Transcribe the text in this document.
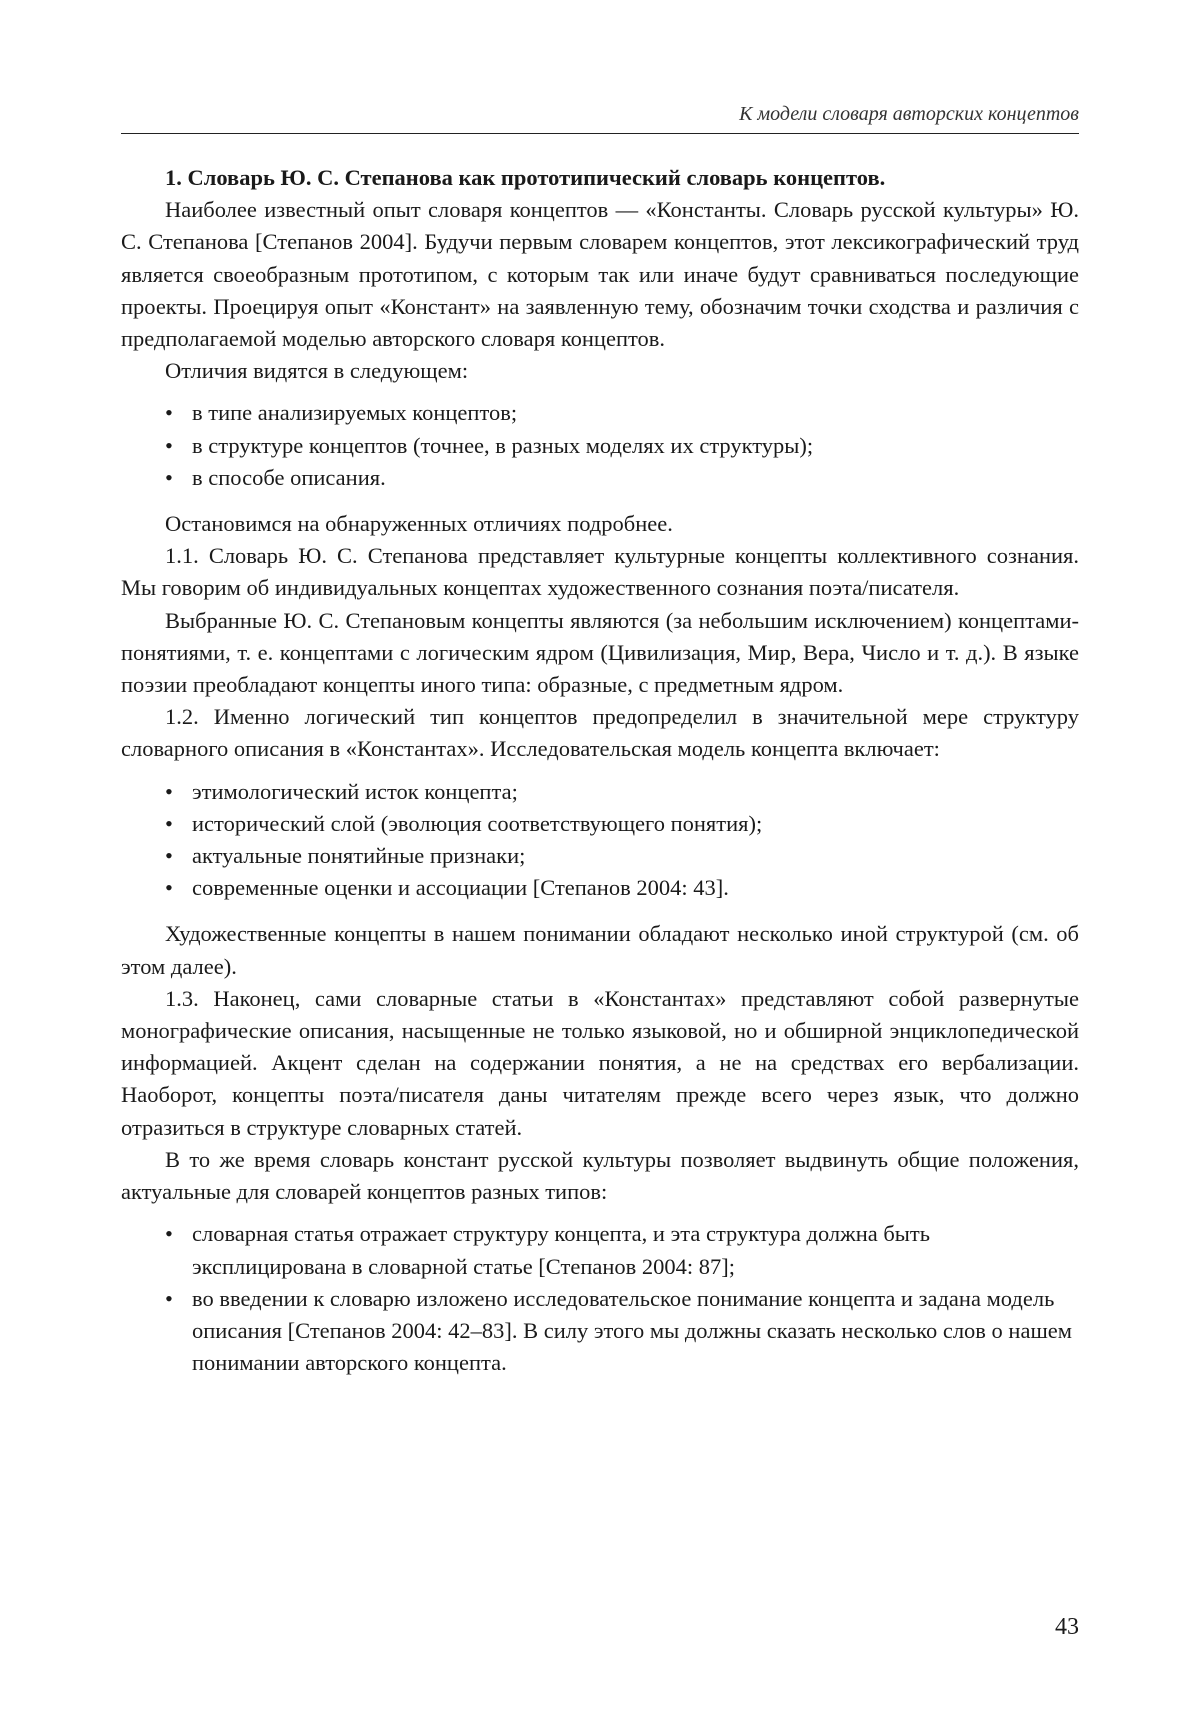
К модели словаря авторских концептов
1. Словарь Ю. С. Степанова как прототипический словарь концептов.

Наиболее известный опыт словаря концептов — «Константы. Словарь русской культуры» Ю. С. Степанова [Степанов 2004]. Будучи первым словарем концептов, этот лексикографический труд является своеобразным прототипом, с которым так или иначе будут сравниваться последующие проекты. Проецируя опыт «Констант» на заявленную тему, обозначим точки сходства и различия с предполагаемой моделью авторского словаря концептов.

Отличия видятся в следующем:

• в типе анализируемых концептов;
• в структуре концептов (точнее, в разных моделях их структуры);
• в способе описания.

Остановимся на обнаруженных отличиях подробнее.

1.1. Словарь Ю. С. Степанова представляет культурные концепты коллективного сознания. Мы говорим об индивидуальных концептах художественного сознания поэта/писателя.

Выбранные Ю. С. Степановым концепты являются (за небольшим исключением) концептами-понятиями, т. е. концептами с логическим ядром (Цивилизация, Мир, Вера, Число и т. д.). В языке поэзии преобладают концепты иного типа: образные, с предметным ядром.

1.2. Именно логический тип концептов предопределил в значительной мере структуру словарного описания в «Константах». Исследовательская модель концепта включает:

• этимологический исток концепта;
• исторический слой (эволюция соответствующего понятия);
• актуальные понятийные признаки;
• современные оценки и ассоциации [Степанов 2004: 43].

Художественные концепты в нашем понимании обладают несколько иной структурой (см. об этом далее).

1.3. Наконец, сами словарные статьи в «Константах» представляют собой развернутые монографические описания, насыщенные не только языковой, но и обширной энциклопедической информацией. Акцент сделан на содержании понятия, а не на средствах его вербализации. Наоборот, концепты поэта/писателя даны читателям прежде всего через язык, что должно отразиться в структуре словарных статей.

В то же время словарь констант русской культуры позволяет выдвинуть общие положения, актуальные для словарей концептов разных типов:

• словарная статья отражает структуру концепта, и эта структура должна быть эксплицирована в словарной статье [Степанов 2004: 87];
• во введении к словарю изложено исследовательское понимание концепта и задана модель описания [Степанов 2004: 42–83]. В силу этого мы должны сказать несколько слов о нашем понимании авторского концепта.
43
